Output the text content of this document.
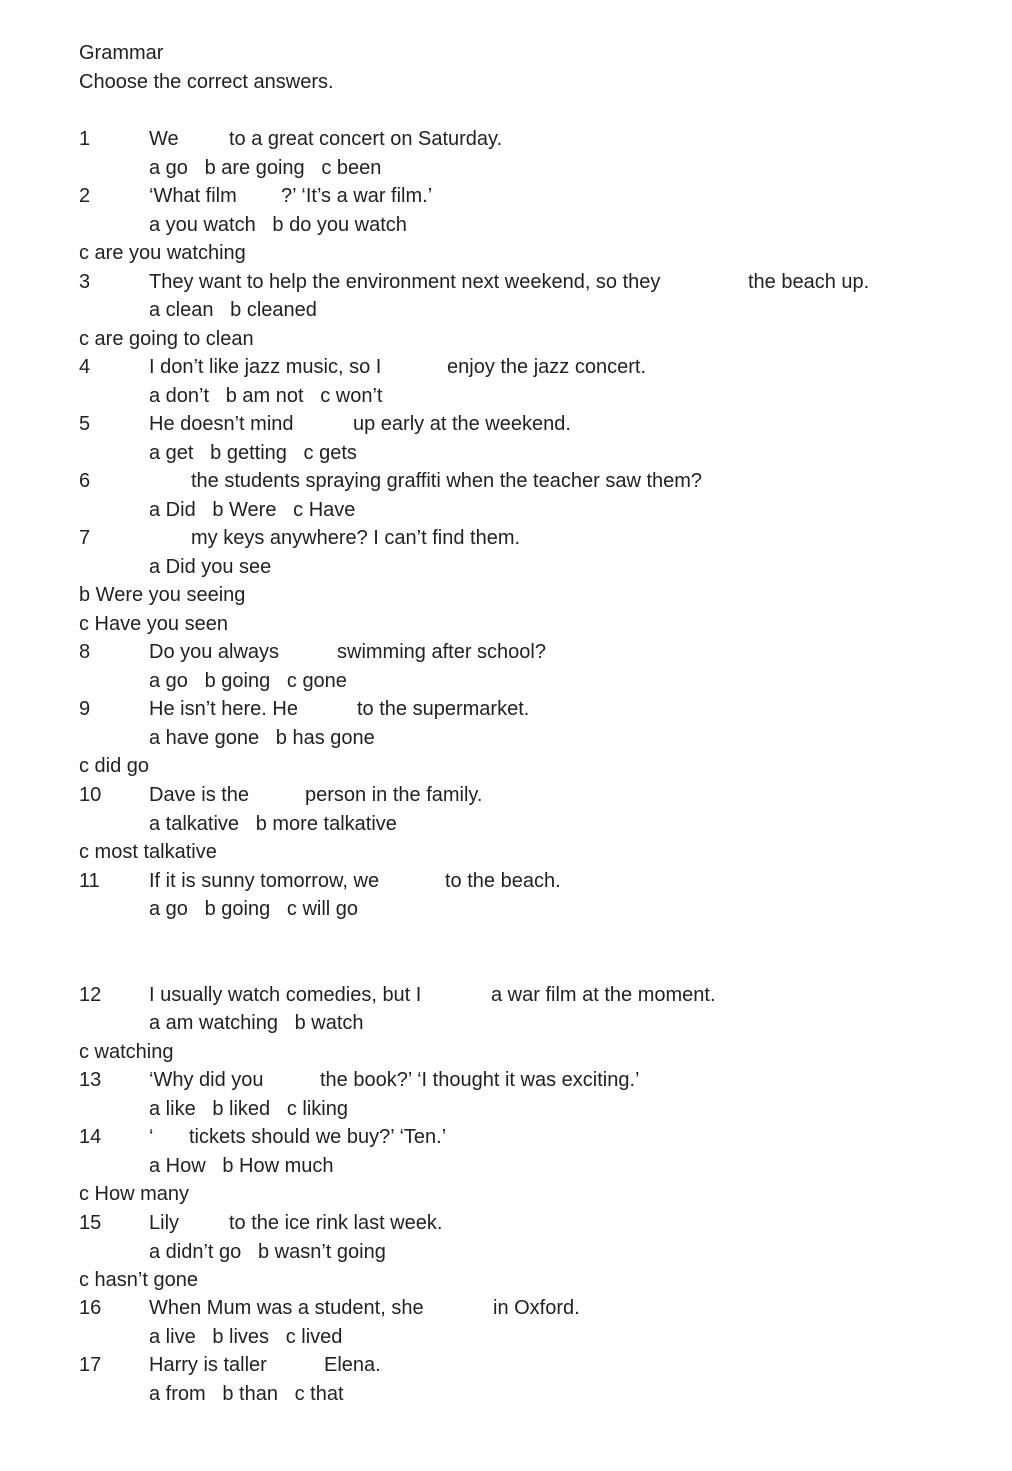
Grammar
Choose the correct answers.
1	We	to a great concert on Saturday.
a go   b are going   c been
2	‘What film ?’ ‘It’s a war film.’
a you watch   b do you watch
c are you watching
3	They want to help the environment next weekend, so they	the beach up.
a clean   b cleaned
c are going to clean
4	I don’t like jazz music, so I	enjoy the jazz concert.
a don’t   b am not   c won’t
5	He doesn’t mind	up early at the weekend.
a get   b getting   c gets
6	the students spraying graffiti when the teacher saw them?
a Did   b Were   c Have
7	my keys anywhere? I can’t find them.
a Did you see
b Were you seeing
c Have you seen
8	Do you always	swimming after school?
a go   b going   c gone
9	He isn’t here. He	to the supermarket.
a have gone   b has gone
c did go
10 Dave is the	person in the family.
a talkative   b more talkative
c most talkative
11 If it is sunny tomorrow, we	to the beach.
a go   b going   c will go
12 I usually watch comedies, but I	a war film at the moment.
a am watching   b watch
c watching
13 ‘Why did you	the book?’ ‘I thought it was exciting.’
a like   b liked   c liking
14 ‘ tickets should we buy?’ ‘Ten.’
a How   b How much
c How many
15 Lily to the ice rink last week.
a didn’t go   b wasn’t going
c hasn’t gone
16 When Mum was a student, she	in Oxford.
a live   b lives   c lived
17 Harry is taller	Elena.
a from   b than   c that
